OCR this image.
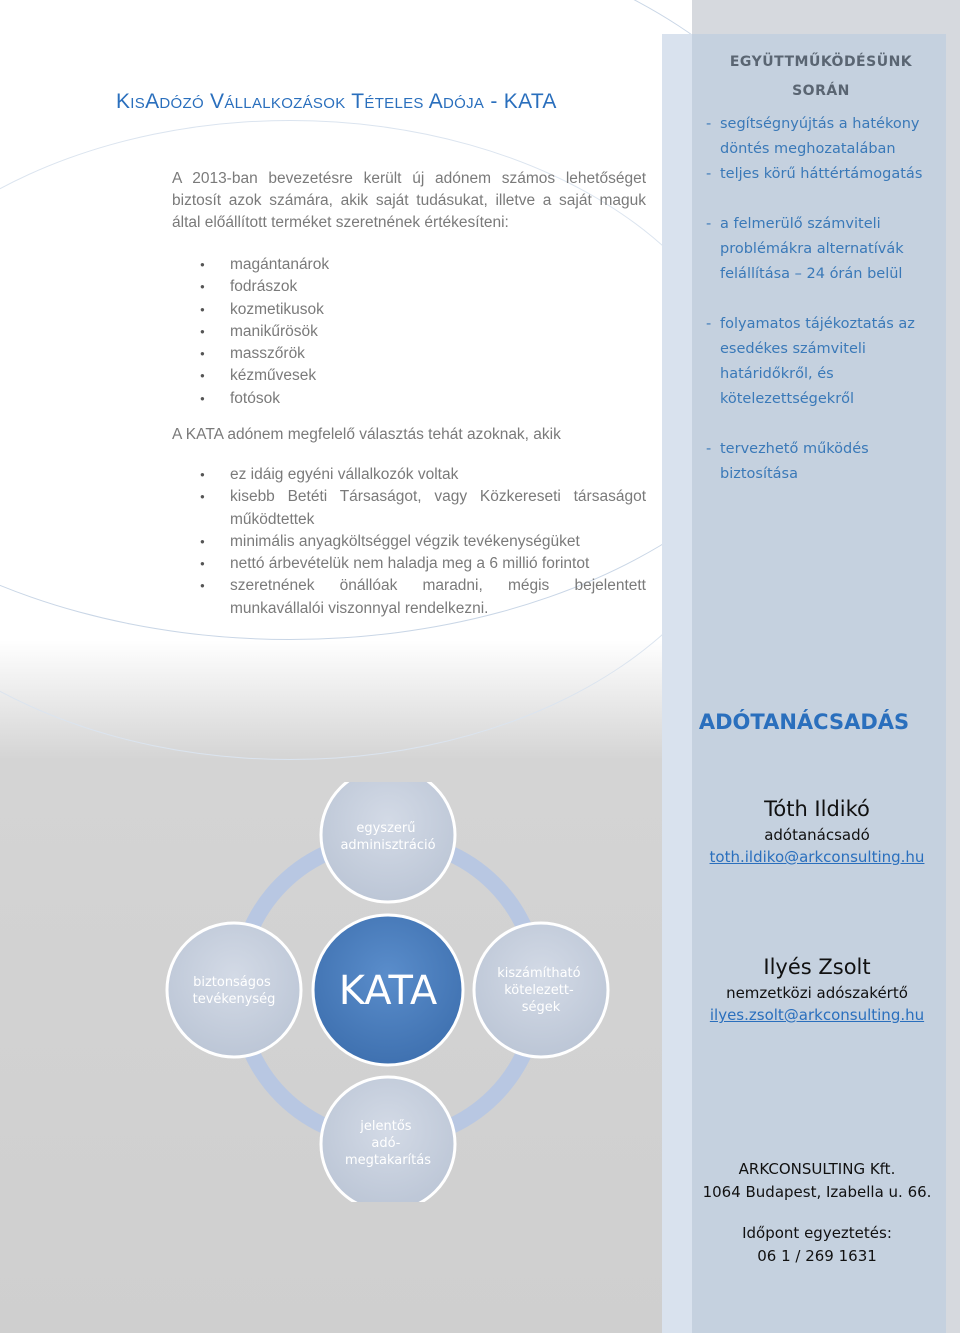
EGYÜTTMŰKÖDÉSÜNK
SORÁN
- segítségnyújtás a hatékony döntés meghozatalában
- teljes körű háttértámogatás
- a felmerülő számviteli problémákra alternatívák felállítása – 24 órán belül
- folyamatos tájékoztatás az esedékes számviteli határidőkről, és kötelezettségekről
- tervezhető működés biztosítása
KisAdózó Vállalkozások Tételes Adója - KATA
A 2013-ban bevezetésre került új adónem számos lehetőséget biztosít azok számára, akik saját tudásukat, illetve a saját maguk által előállított terméket szeretnének értékesíteni:
● magántanárok
● fodrászok
● kozmetikusok
● manikűrösök
● masszőrök
● kézművesek
● fotósok
A KATA adónem megfelelő választás tehát azoknak, akik
● ez idáig egyéni vállalkozók voltak
● kisebb Betéti Társaságot, vagy Közkereseti társaságot működtettek
● minimális anyagköltséggel végzik tevékenységüket
● nettó árbevételük nem haladja meg a 6 millió forintot
● szeretnének önállóak maradni, mégis bejelentett munkavállalói viszonnyal rendelkezni.
ADÓTANÁCSADÁS
Tóth Ildikó
adótanácsadó
toth.ildiko@arkconsulting.hu
Ilyés Zsolt
nemzetközi adószakértő
ilyes.zsolt@arkconsulting.hu
ARKCONSULTING Kft.
1064 Budapest, Izabella u. 66.
Időpont egyeztetés:
06 1 / 269 1631
egyszerű adminisztráció
biztonságos tevékenység
kiszámítható kötelezett- ségek
jelentős adó- megtakarítás
KATA
